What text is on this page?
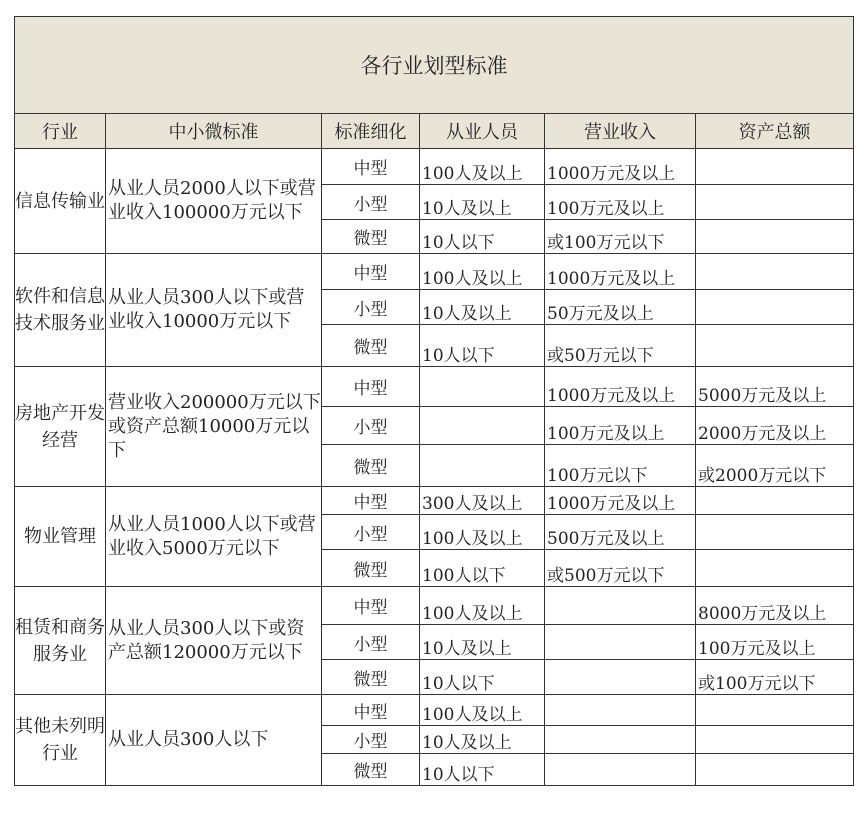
各行业划型标准					
行业	中小微标准	标准细化	从业人员	营业收入	资产总额
信息传输业	从业人员2000人以下或营业收入100000万元以下	中型	100人及以上	1000万元及以上	
		小型	10人及以上	100万元及以上	
		微型	10人以下	或100万元以下	
软件和信息技术服务业	从业人员300人以下或营业收入10000万元以下	中型	100人及以上	1000万元及以上	
		小型	10人及以上	50万元及以上	
		微型	10人以下	或50万元以下	
房地产开发经营	营业收入200000万元以下或资产总额10000万元以下	中型		1000万元及以上	5000万元及以上
		小型		100万元及以上	2000万元及以上
		微型		100万元以下	或2000万元以下
物业管理	从业人员1000人以下或营业收入5000万元以下	中型	300人及以上	1000万元及以上	
		小型	100人及以上	500万元及以上	
		微型	100人以下	或500万元以下	
租赁和商务服务业	从业人员300人以下或资产总额120000万元以下	中型	100人及以上		8000万元及以上
		小型	10人及以上		100万元及以上
		微型	10人以下		或100万元以下
其他未列明行业	从业人员300人以下	中型	100人及以上		
		小型	10人及以上		
		微型	10人以下		
